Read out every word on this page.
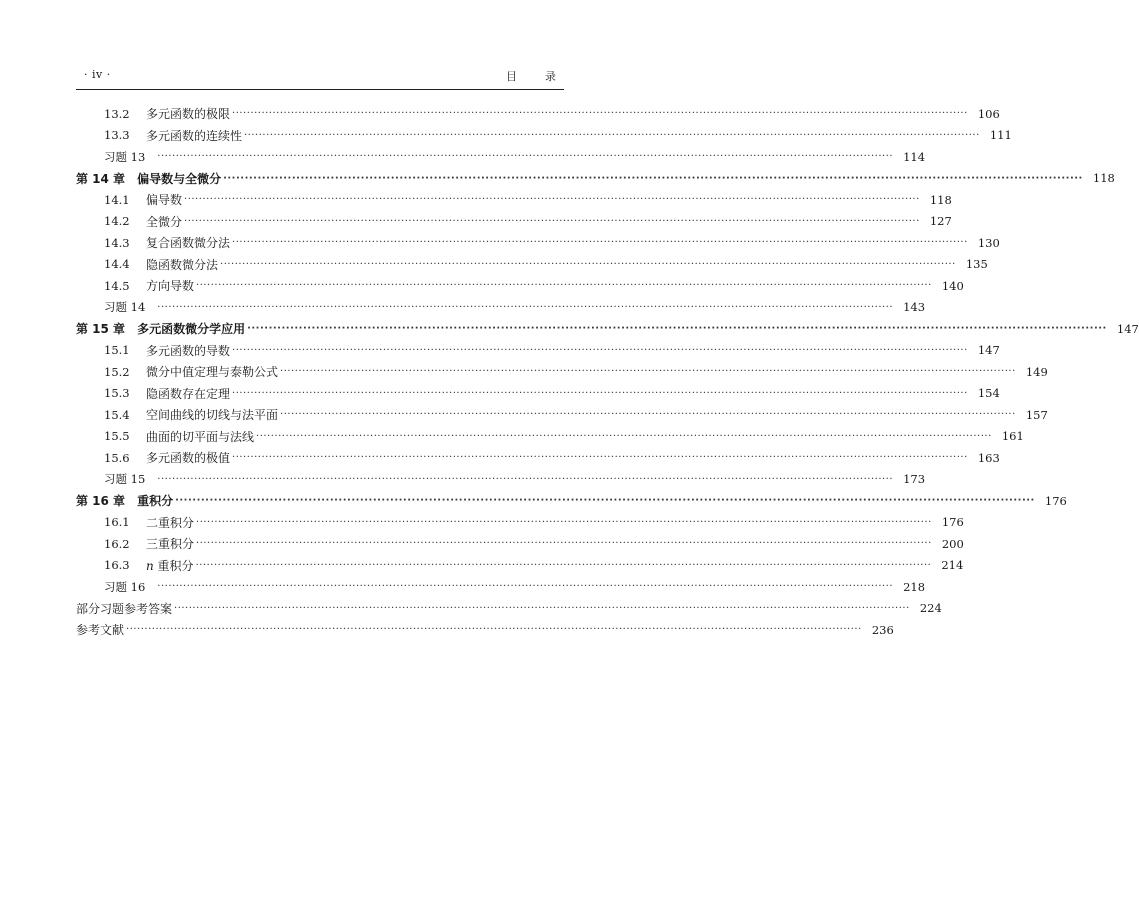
· iv ·	目录
13.2	多元函数的极限 ········································································································································································································ 106
13.3	多元函数的连续性 ········································································································································································································ 111
习题 13 ········································································································································································································ 114
第 14 章 偏导数与全微分 ········································································································································································································ 118
14.1	偏导数 ········································································································································································································ 118
14.2	全微分 ········································································································································································································ 127
14.3	复合函数微分法 ········································································································································································································ 130
14.4	隐函数微分法 ········································································································································································································ 135
14.5	方向导数 ········································································································································································································ 140
习题 14 ········································································································································································································ 143
第 15 章 多元函数微分学应用 ········································································································································································································ 147
15.1	多元函数的导数 ········································································································································································································ 147
15.2	微分中值定理与泰勒公式 ········································································································································································································ 149
15.3	隐函数存在定理 ········································································································································································································ 154
15.4	空间曲线的切线与法平面 ········································································································································································································ 157
15.5	曲面的切平面与法线 ········································································································································································································ 161
15.6	多元函数的极值 ········································································································································································································ 163
习题 15 ········································································································································································································ 173
第 16 章 重积分 ········································································································································································································ 176
16.1	二重积分 ········································································································································································································ 176
16.2	三重积分 ········································································································································································································ 200
16.3	n 重积分 ········································································································································································································ 214
习题 16 ········································································································································································································ 218
部分习题参考答案 ········································································································································································································ 224
参考文献 ········································································································································································································ 236
